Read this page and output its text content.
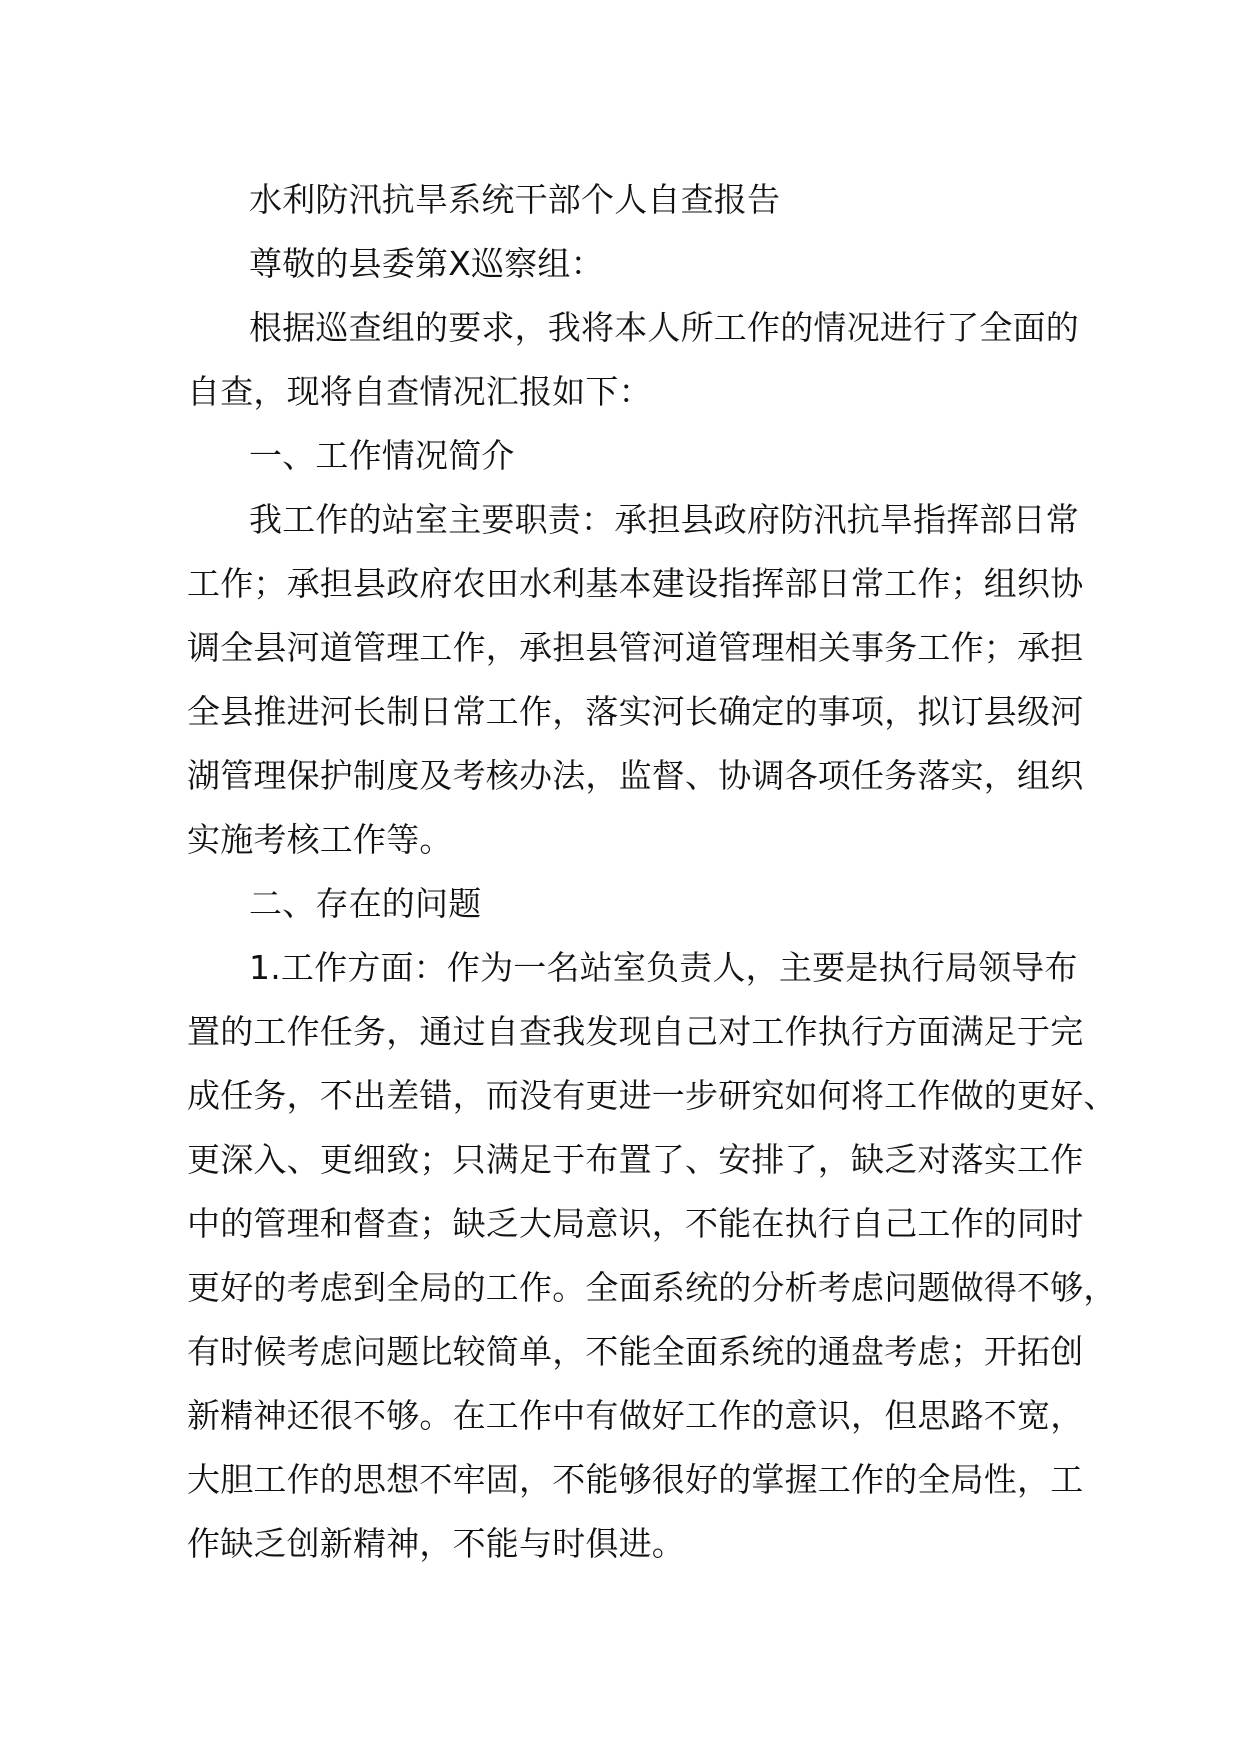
水利防汛抗旱系统干部个人自查报告
尊敬的县委第X巡察组：
根据巡查组的要求，我将本人所工作的情况进行了全面的
自查，现将自查情况汇报如下：
一、工作情况简介
我工作的站室主要职责：承担县政府防汛抗旱指挥部日常
工作；承担县政府农田水利基本建设指挥部日常工作；组织协
调全县河道管理工作，承担县管河道管理相关事务工作；承担
全县推进河长制日常工作，落实河长确定的事项，拟订县级河
湖管理保护制度及考核办法，监督、协调各项任务落实，组织
实施考核工作等。
二、存在的问题
1.工作方面：作为一名站室负责人，主要是执行局领导布
置的工作任务，通过自查我发现自己对工作执行方面满足于完
成任务，不出差错，而没有更进一步研究如何将工作做的更好、
更深入、更细致；只满足于布置了、安排了，缺乏对落实工作
中的管理和督查；缺乏大局意识，不能在执行自己工作的同时
更好的考虑到全局的工作。全面系统的分析考虑问题做得不够，
有时候考虑问题比较简单，不能全面系统的通盘考虑；开拓创
新精神还很不够。在工作中有做好工作的意识，但思路不宽，
大胆工作的思想不牢固，不能够很好的掌握工作的全局性，工
作缺乏创新精神，不能与时俱进。
